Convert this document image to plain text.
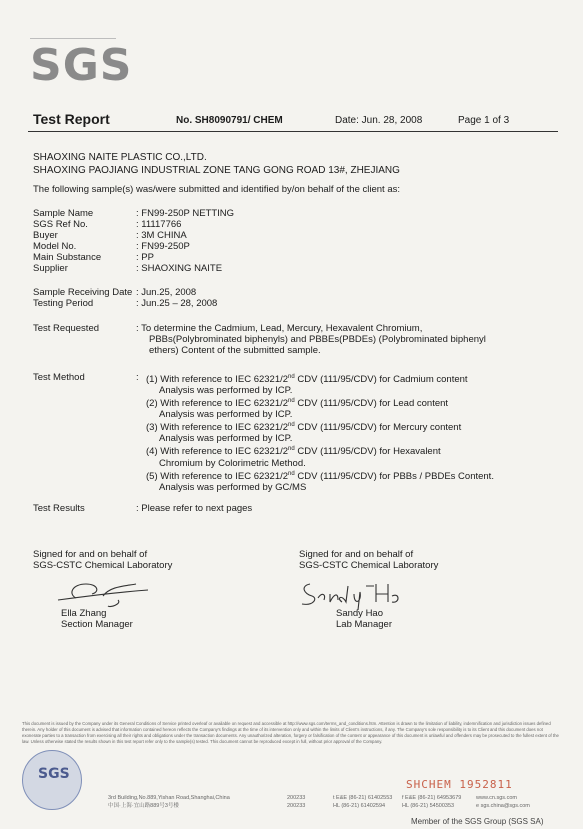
SGS
Test Report	No. SH8090791/ CHEM	Date: Jun. 28, 2008	Page 1 of 3
SHAOXING NAITE PLASTIC CO.,LTD.
SHAOXING PAOJIANG INDUSTRIAL ZONE TANG GONG ROAD 13#, ZHEJIANG
The following sample(s) was/were submitted and identified by/on behalf of the client as:
Sample Name	: FN99-250P NETTING
SGS Ref No.	: 11117766
Buyer	: 3M CHINA
Model No.	: FN99-250P
Main Substance	: PP
Supplier	: SHAOXING NAITE
Sample Receiving Date : Jun.25, 2008
Testing Period	: Jun.25 – 28, 2008
Test Requested	: To determine the Cadmium, Lead, Mercury, Hexavalent Chromium,
PBBs(Polybrominated biphenyls) and PBBEs(PBDEs) (Polybrominated biphenyl
ethers) Content of the submitted sample.
Test Method	: (1) With reference to IEC 62321/2nd CDV (111/95/CDV) for Cadmium content
Analysis was performed by ICP.
(2) With reference to IEC 62321/2nd CDV (111/95/CDV) for Lead content
Analysis was performed by ICP.
(3) With reference to IEC 62321/2nd CDV (111/95/CDV) for Mercury content
Analysis was performed by ICP.
(4) With reference to IEC 62321/2nd CDV (111/95/CDV) for Hexavalent
Chromium by Colorimetric Method.
(5) With reference to IEC 62321/2nd CDV (111/95/CDV) for PBBs / PBDEs Content.
Analysis was performed by GC/MS
Test Results	: Please refer to next pages
Signed for and on behalf of
SGS-CSTC Chemical Laboratory
Ella Zhang
Section Manager
Signed for and on behalf of
SGS-CSTC Chemical Laboratory
Sandy Hao
Lab Manager
This document is issued by the Company under its General Conditions of Service printed overleaf or available on request and accessible at http://www.sgs.com/terms_and_conditions.htm. Attention is drawn to the limitation of liability, indemnification and jurisdiction issues defined therein. Any holder of this document is advised that information contained hereon reflects the Company's findings at the time of its intervention only and within the limits of Client's instructions, if any. The Company's sole responsibility is to its Client and this document does not exonerate parties to a transaction from exercising all their rights and obligations under the transaction documents. Any unauthorized alteration, forgery or falsification of the content or appearance of this document is unlawful and offenders may be prosecuted to the fullest extent of the law. Unless otherwise stated the results shown in this test report refer only to the sample(s) tested. This document cannot be reproduced except in full, without prior approval of the Company.
SGS
3rd Building,No.889,Yishan Road,Shanghai,China
中国·上海·宜山路889号3号楼
200233
200233
t E&E (86-21) 61402553
HL (86-21) 61402594
f E&E (86-21) 64953679
HL (86-21) 54500353
www.cn.sgs.com
e sgs.china@sgs.com
SHCHEM 1952811
Member of the SGS Group (SGS SA)
